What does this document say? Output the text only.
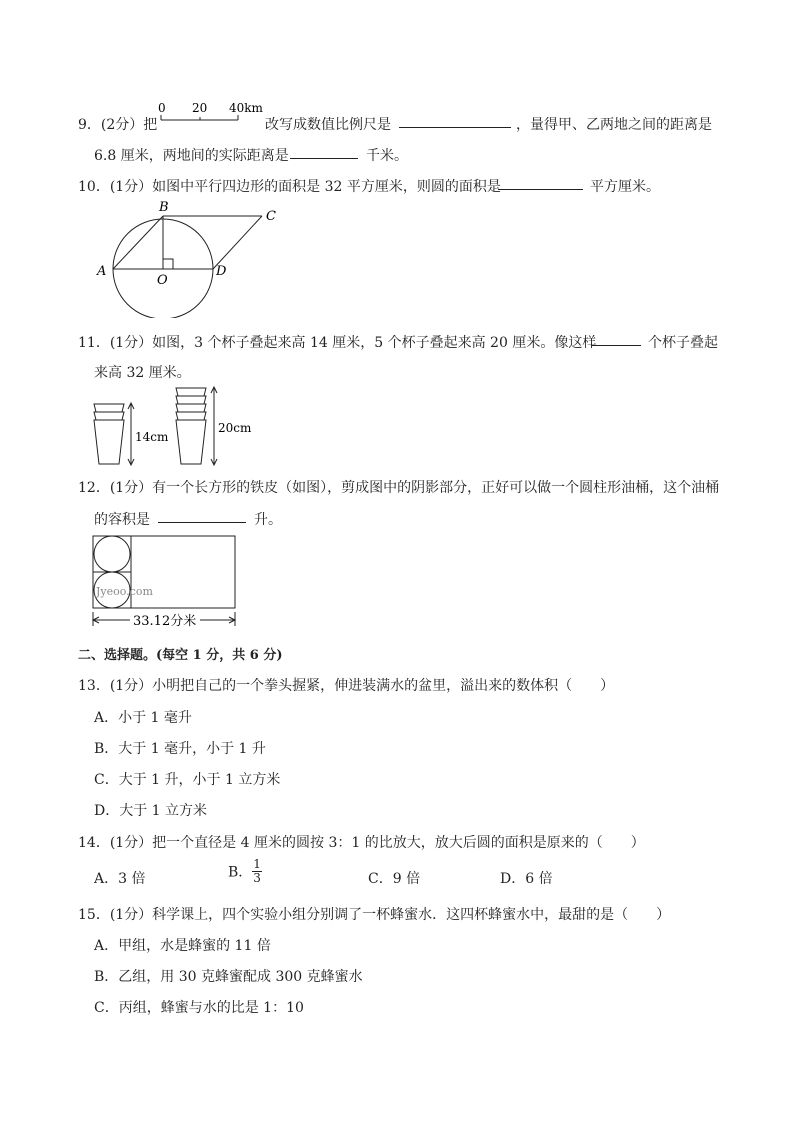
9．(2分）把
0 20 40km
改写成数值比例尺是	，量得甲、乙两地之间的距离是
6.8 厘米，两地间的实际距离是	千米。
10．(1分）如图中平行四边形的面积是 32 平方厘米，则圆的面积是	平方厘米。
B
C
A	D
O
11．(1分）如图，3 个杯子叠起来高 14 厘米，5 个杯子叠起来高 20 厘米。像这样	个杯子叠起
来高 32 厘米。
14cm
20cm
12．(1分）有一个长方形的铁皮（如图），剪成图中的阴影部分，正好可以做一个圆柱形油桶，这个油桶
的容积是	升。
Jyeoo.com
33.12分米
二、选择题。(每空 1 分，共 6 分)
13．(1分）小明把自己的一个拳头握紧，伸进装满水的盆里，溢出来的数体积（　　）
A．小于 1 毫升
B．大于 1 毫升，小于 1 升
C．大于 1 升，小于 1 立方米
D．大于 1 立方米
14．(1分）把一个直径是 4 厘米的圆按 3：1 的比放大，放大后圆的面积是原来的（　　）
A．3 倍	B． $\frac{1}{3}$	C．9 倍	D．6 倍
15．(1分）科学课上，四个实验小组分别调了一杯蜂蜜水．这四杯蜂蜜水中，最甜的是（　　）
A．甲组，水是蜂蜜的 11 倍
B．乙组，用 30 克蜂蜜配成 300 克蜂蜜水
C．丙组，蜂蜜与水的比是 1：10
